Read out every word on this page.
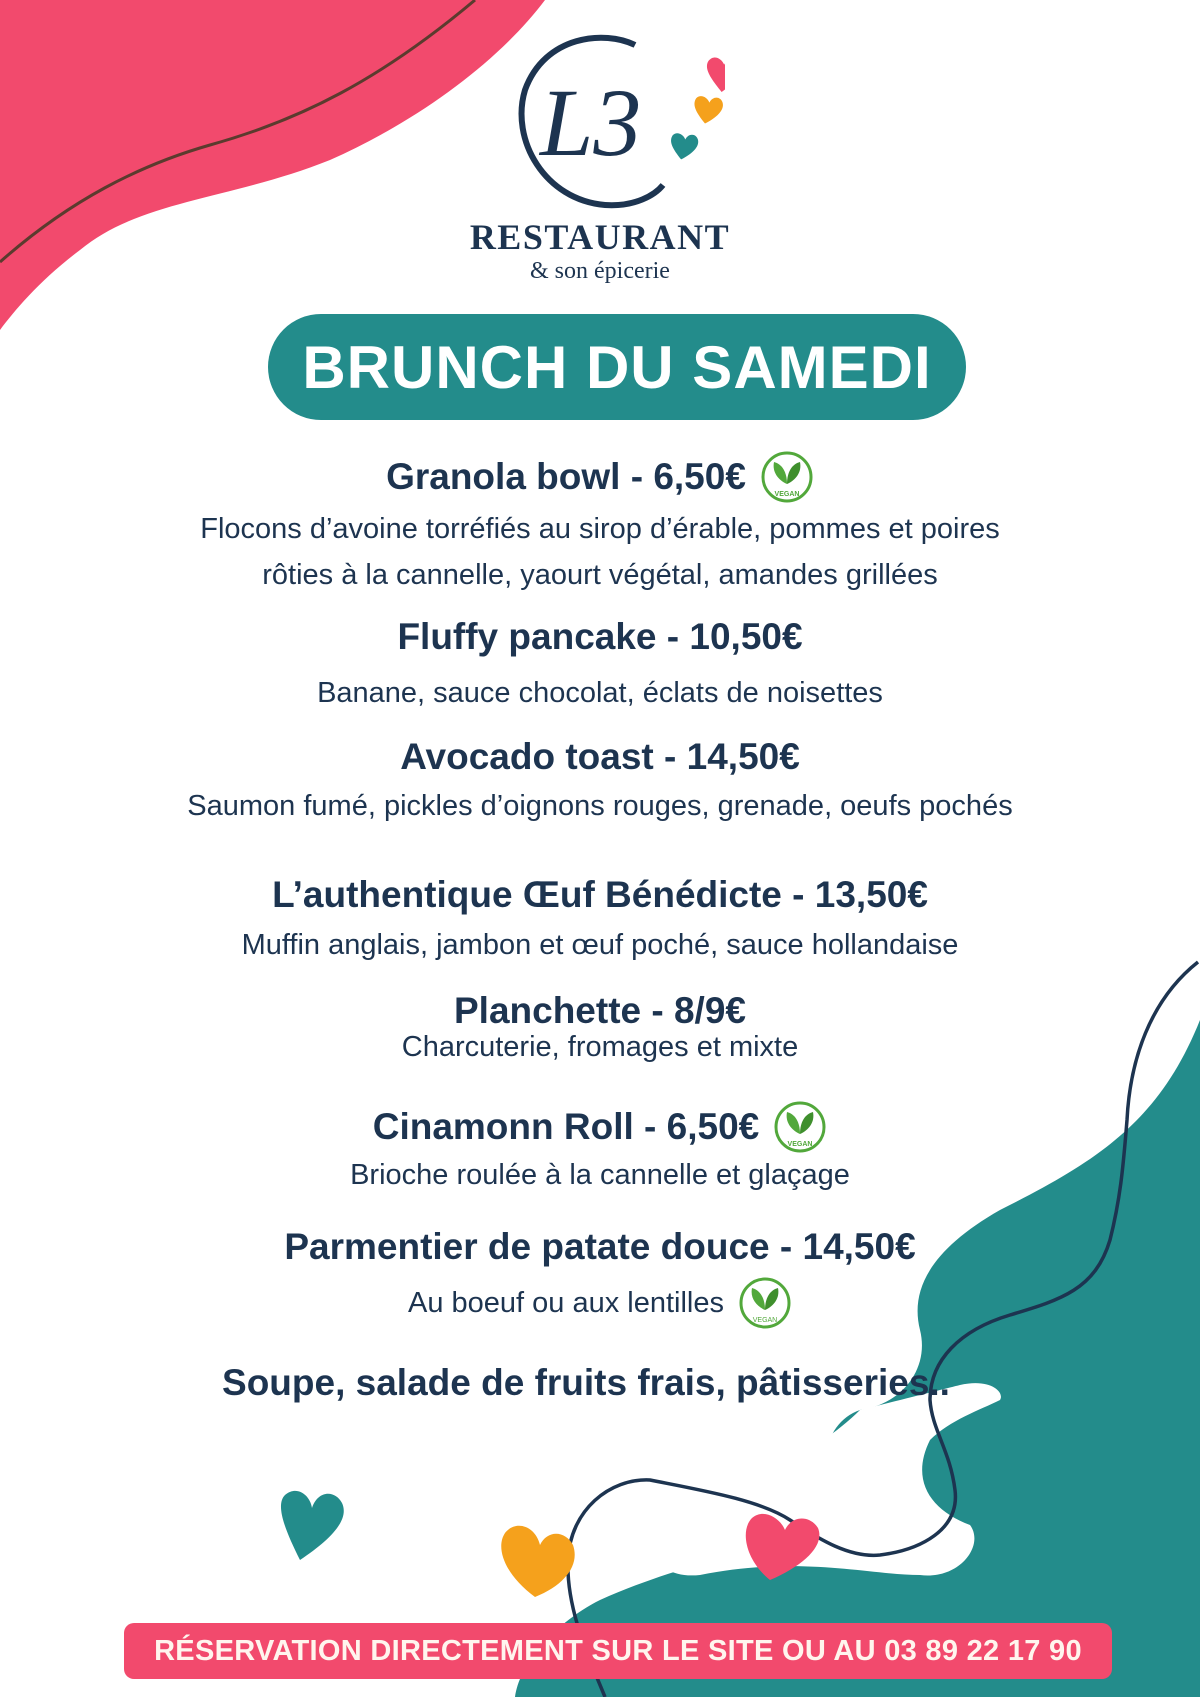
L3
RESTAURANT
& son épicerie
BRUNCH DU SAMEDI
Granola bowl - 6,50€	VEGAN
Flocons d’avoine torréfiés au sirop d’érable, pommes et poires
rôties à la cannelle, yaourt végétal, amandes grillées
Fluffy pancake - 10,50€
Banane, sauce chocolat, éclats de noisettes
Avocado toast - 14,50€
Saumon fumé, pickles d’oignons rouges, grenade, oeufs pochés
L’authentique Œuf Bénédicte - 13,50€
Muffin anglais, jambon et œuf poché, sauce hollandaise
Planchette - 8/9€
Charcuterie, fromages et mixte
Cinamonn Roll - 6,50€	VEGAN
Brioche roulée à la cannelle et glaçage
Parmentier de patate douce - 14,50€
Au boeuf ou aux lentilles
VEGAN
Soupe, salade de fruits frais, pâtisseries..
RÉSERVATION DIRECTEMENT SUR LE SITE OU AU 03 89 22 17 90
